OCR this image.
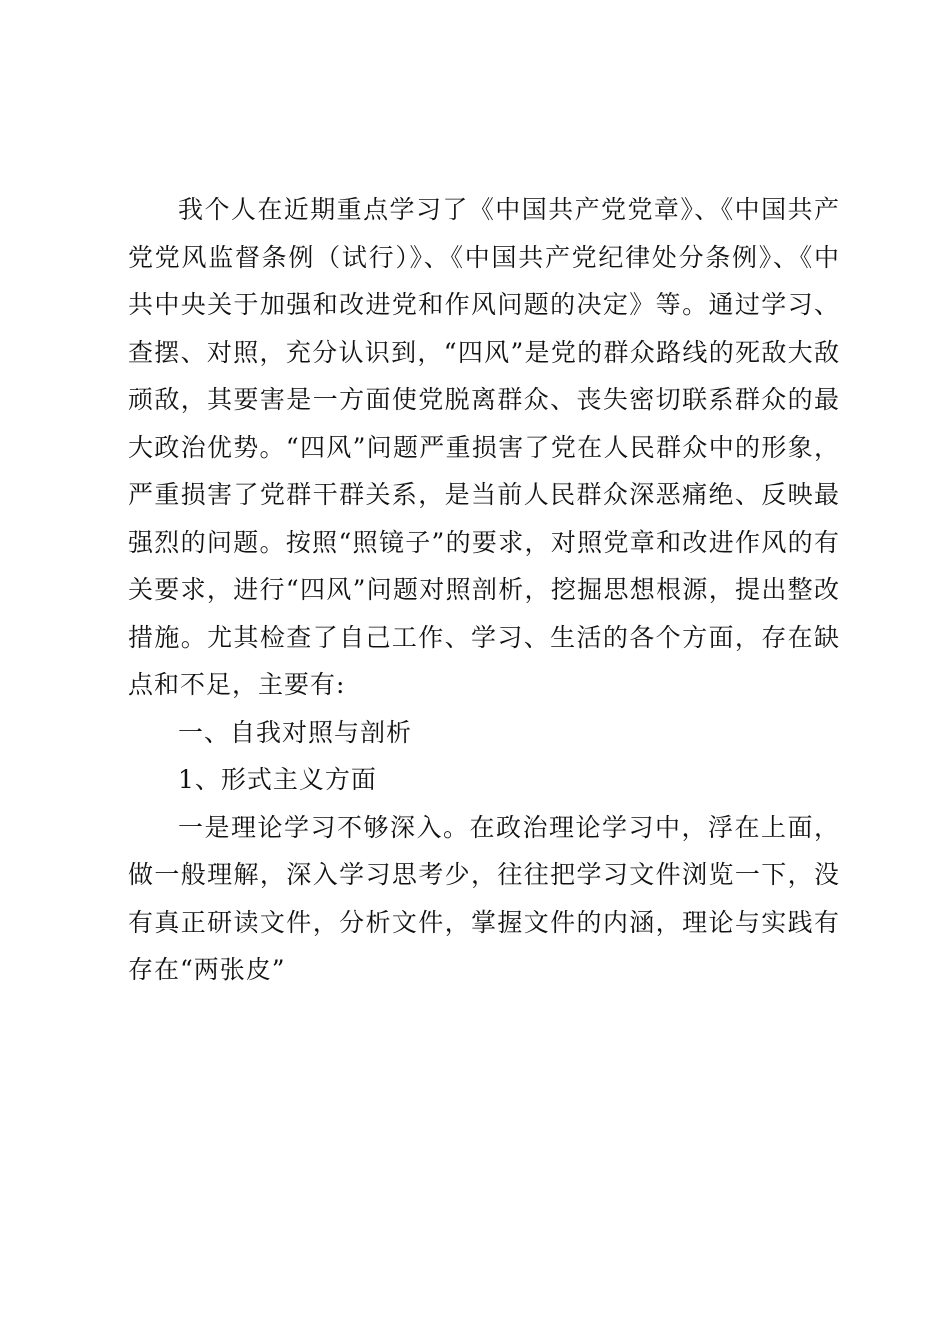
我个人在近期重点学习了《中国共产党党章》、《中国共产党党风监督条例（试行）》、《中国共产党纪律处分条例》、《中共中央关于加强和改进党和作风问题的决定》等。通过学习、查摆、对照，充分认识到，“四风”是党的群众路线的死敌大敌顽敌，其要害是一方面使党脱离群众、丧失密切联系群众的最大政治优势。“四风”问题严重损害了党在人民群众中的形象，严重损害了党群干群关系，是当前人民群众深恶痛绝、反映最强烈的问题。按照“照镜子”的要求，对照党章和改进作风的有关要求，进行“四风”问题对照剖析，挖掘思想根源，提出整改措施。尤其检查了自己工作、学习、生活的各个方面，存在缺点和不足，主要有:

一、自我对照与剖析

1、形式主义方面

一是理论学习不够深入。在政治理论学习中，浮在上面，做一般理解，深入学习思考少，往往把学习文件浏览一下，没有真正研读文件，分析文件，掌握文件的内涵，理论与实践有存在“两张皮”
